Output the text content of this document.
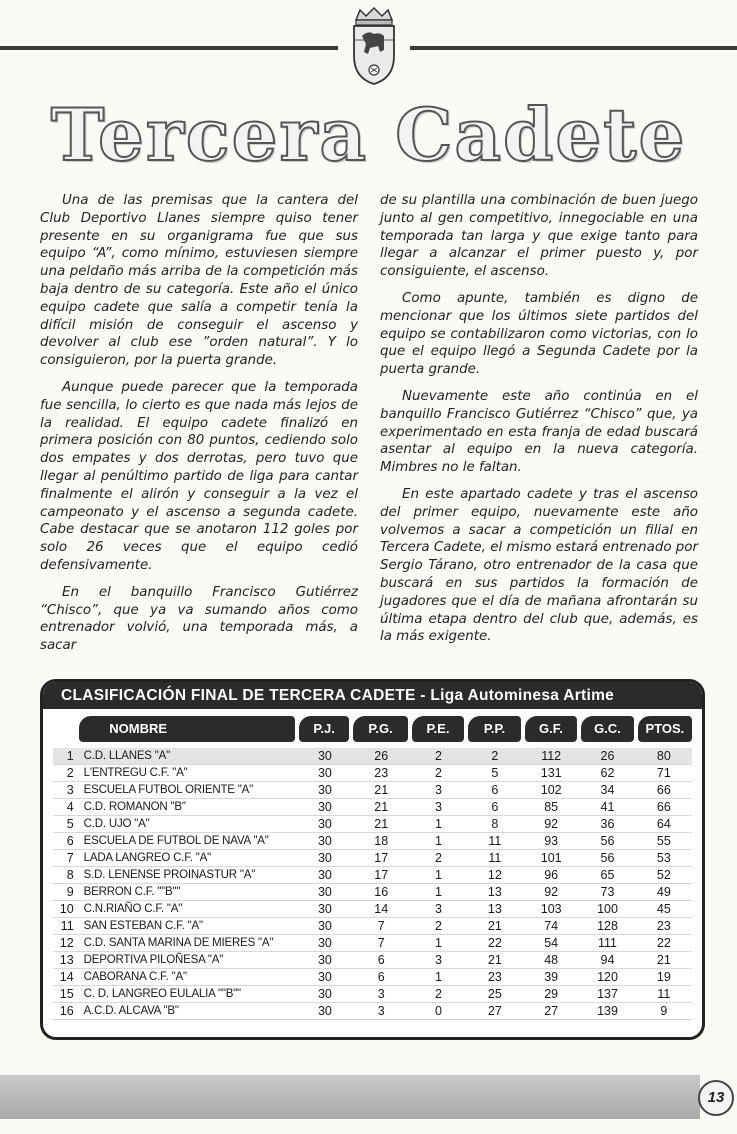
Tercera Cadete

Una de las premisas que la cantera del Club Deportivo Llanes siempre quiso tener presente en su organigrama fue que sus equipo “A”, como mínimo, estuviesen siempre una peldaño más arriba de la competición más baja dentro de su categoría. Este año el único equipo cadete que salía a competir tenía la difícil misión de conseguir el ascenso y devolver al club ese ”orden natural”. Y lo consiguieron, por la puerta grande.

Aunque puede parecer que la temporada fue sencilla, lo cierto es que nada más lejos de la realidad. El equipo cadete finalizó en primera posición con 80 puntos, cediendo solo dos empates y dos derrotas, pero tuvo que llegar al penúltimo partido de liga para cantar finalmente el alirón y conseguir a la vez el campeonato y el ascenso a segunda cadete. Cabe destacar que se anotaron 112 goles por solo 26 veces que el equipo cedió defensivamente.

En el banquillo Francisco Gutiérrez “Chisco”, que ya va sumando años como entrenador volvió, una temporada más, a sacar

de su plantilla una combinación de buen juego junto al gen competitivo, innegociable en una temporada tan larga y que exige tanto para llegar a alcanzar el primer puesto y, por consiguiente, el ascenso.

Como apunte, también es digno de mencionar que los últimos siete partidos del equipo se contabilizaron como victorias, con lo que el equipo llegó a Segunda Cadete por la puerta grande.

Nuevamente este año continúa en el banquillo Francisco Gutiérrez “Chisco” que, ya experimentado en esta franja de edad buscará asentar al equipo en la nueva categoría. Mimbres no le faltan.

En este apartado cadete y tras el ascenso del primer equipo, nuevamente este año volvemos a sacar a competición un filial en Tercera Cadete, el mismo estará entrenado por Sergio Tárano, otro entrenador de la casa que buscará en sus partidos la formación de jugadores que el día de mañana afrontarán su última etapa dentro del club que, además, es la más exigente.

CLASIFICACIÓN FINAL DE TERCERA CADETE - Liga Autominesa Artime
NOMBRE	P.J.	P.G.	P.E.	P.P.	G.F.	G.C.	PTOS.
1 C.D. LLANES "A"	30	26	2	2	112	26	80
2 L'ENTREGU C.F. "A"	30	23	2	5	131	62	71
3 ESCUELA FUTBOL ORIENTE "A"	30	21	3	6	102	34	66
4 C.D. ROMANON "B"	30	21	3	6	85	41	66
5 C.D. UJO "A"	30	21	1	8	92	36	64
6 ESCUELA DE FUTBOL DE NAVA "A"	30	18	1	11	93	56	55
7 LADA LANGREO C.F. "A"	30	17	2	11	101	56	53
8 S.D. LENENSE PROINASTUR "A"	30	17	1	12	96	65	52
9 BERRON C.F. ""B""	30	16	1	13	92	73	49
10 C.N.RIAÑO C.F. "A"	30	14	3	13	103	100	45
11 SAN ESTEBAN C.F. "A"	30	7	2	21	74	128	23
12 C.D. SANTA MARINA DE MIERES "A"	30	7	1	22	54	111	22
13 DEPORTIVA PILOÑESA "A"	30	6	3	21	48	94	21
14 CABORANA C.F. "A"	30	6	1	23	39	120	19
15 C. D. LANGREO EULALIA ""B""	30	3	2	25	29	137	11
16 A.C.D. ALCAVA "B"	30	3	0	27	27	139	9
13
